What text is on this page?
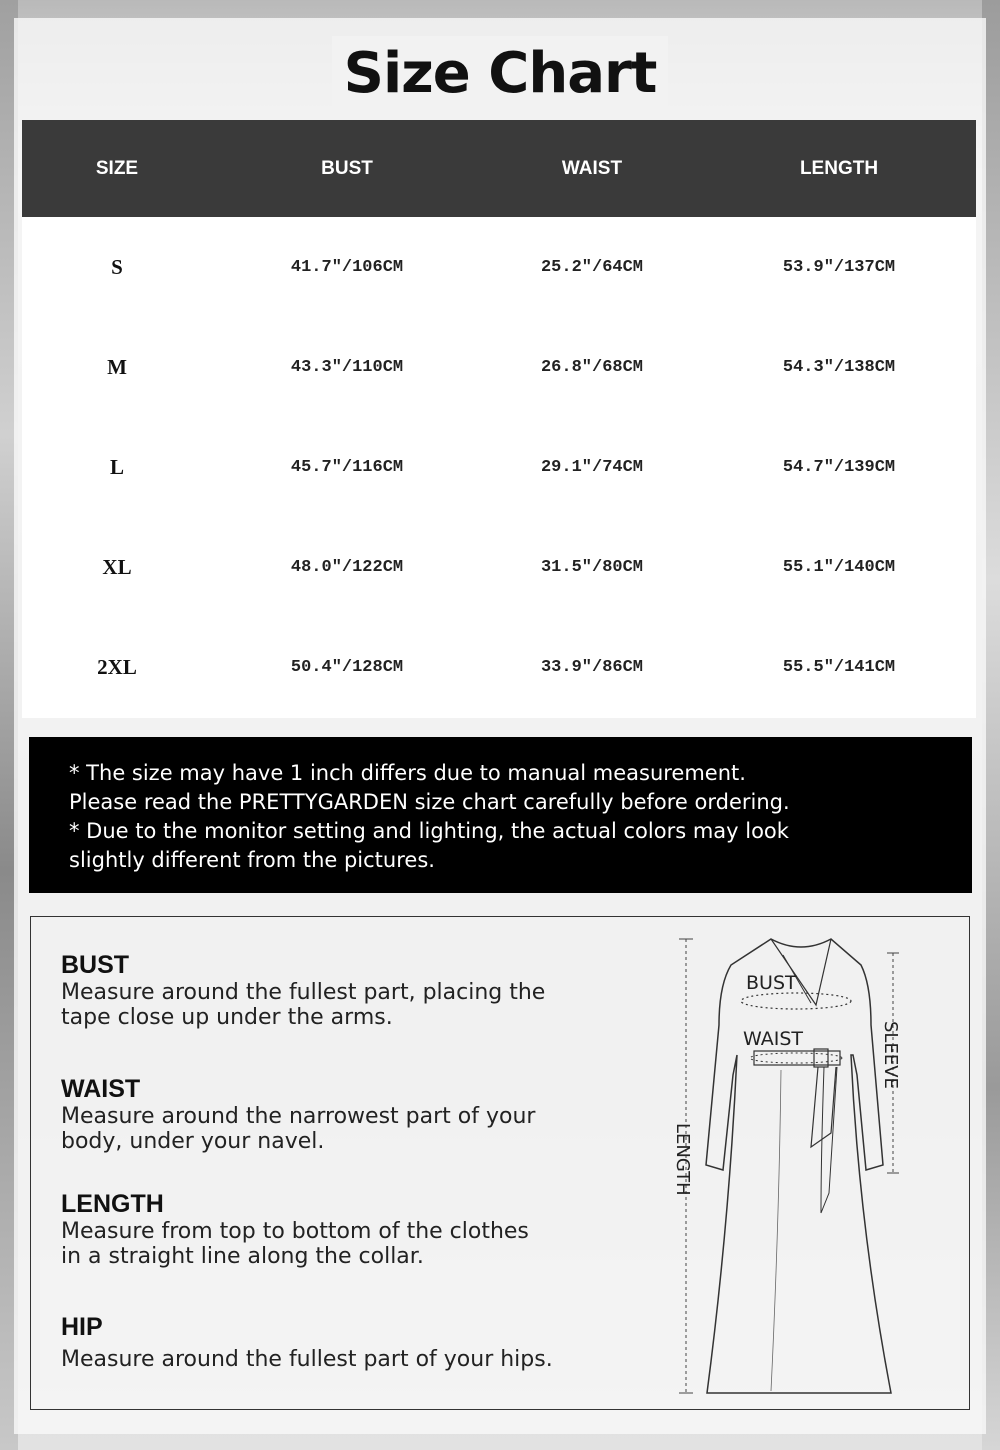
Size Chart
SIZE	BUST	WAIST	LENGTH
S	41.7"/106CM	25.2"/64CM	53.9"/137CM
M	43.3"/110CM	26.8"/68CM	54.3"/138CM
L	45.7"/116CM	29.1"/74CM	54.7"/139CM
XL	48.0"/122CM	31.5"/80CM	55.1"/140CM
2XL	50.4"/128CM	33.9"/86CM	55.5"/141CM
* The size may have 1 inch differs due to manual measurement.
Please read the PRETTYGARDEN size chart carefully before ordering.
* Due to the monitor setting and lighting, the actual colors may look
slightly different from the pictures.
BUST
Measure around the fullest part, placing the
tape close up under the arms.
WAIST
Measure around the narrowest part of your
body, under your navel.
LENGTH
Measure from top to bottom of the clothes
in a straight line along the collar.
HIP
Measure around the fullest part of your hips.
LENGTH
SLEEVE
BUST
WAIST
